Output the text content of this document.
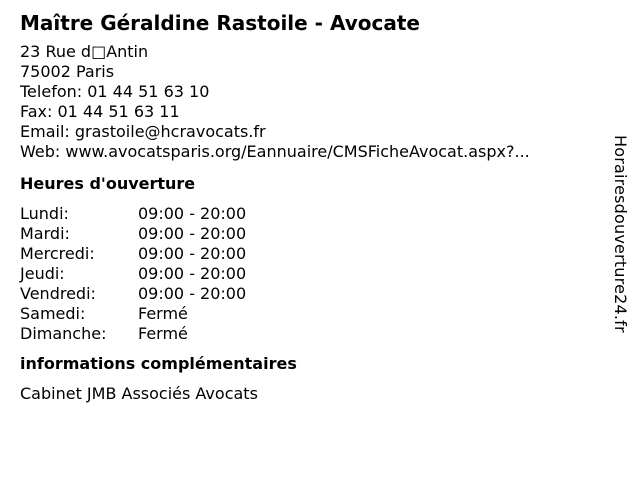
Maître Géraldine Rastoile - Avocate
23 Rue d□Antin
75002 Paris
Telefon: 01 44 51 63 10
Fax: 01 44 51 63 11
Email: grastoile@hcravocats.fr
Web: www.avocatsparis.org/Eannuaire/CMSFicheAvocat.aspx?...
Heures d'ouverture
Lundi:	09:00 - 20:00
Mardi:	09:00 - 20:00
Mercredi:	09:00 - 20:00
Jeudi:	09:00 - 20:00
Vendredi:	09:00 - 20:00
Samedi:	Fermé
Dimanche:	Fermé
informations complémentaires
Cabinet JMB Associés Avocats
Horairesdouverture24.fr
